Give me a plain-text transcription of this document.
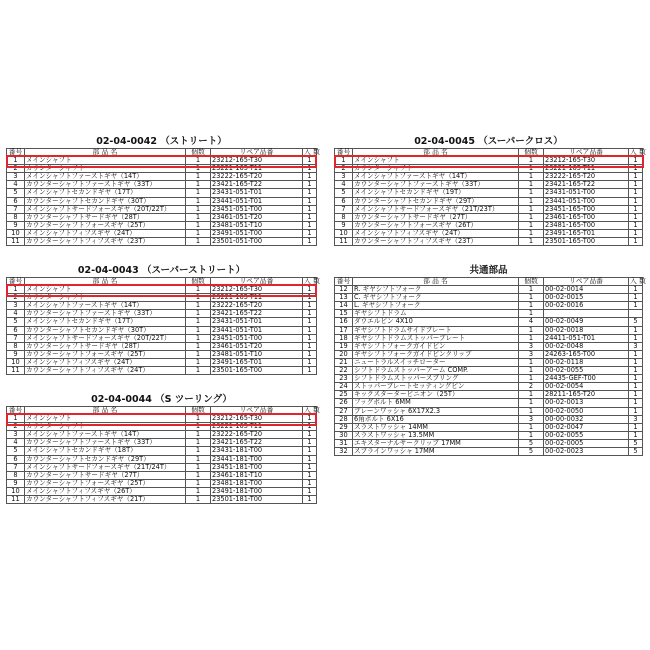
02-04-0042 （ストリート）
番号	部 品 名	個数	リペア品番	入 数
1	メインシャフト	1	23212-165-T30	1
2	カウンターシャフト	1	23221-165-T11	1
3	メインシャフトファーストギヤ（14T）	1	23222-165-T20	1
4	カウンターシャフトファーストギヤ（33T）	1	23421-165-T22	1
5	メインシャフトセカンドギヤ（17T）	1	23431-051-T01	1
6	カウンターシャフトセカンドギヤ（30T）	1	23441-051-T01	1
7	メインシャフトサードフォースギヤ（20T/22T）	1	23451-051-T00	1
8	カウンターシャフトサードギヤ（28T）	1	23461-051-T20	1
9	カウンターシャフトフォースギヤ（25T）	1	23481-051-T10	1
10	メインシャフトフィフスギヤ（24T）	1	23491-051-T00	1
11	カウンターシャフトフィフスギヤ（23T）	1	23501-051-T00	1
02-04-0043 （スーパーストリート）
番号	部 品 名	個数	リペア品番	入 数
1	メインシャフト	1	23212-165-T30	1
2	カウンターシャフト	1	23221-165-T11	1
3	メインシャフトファーストギヤ（14T）	1	23222-165-T20	1
4	カウンターシャフトファーストギヤ（33T）	1	23421-165-T22	1
5	メインシャフトセカンドギヤ（17T）	1	23431-051-T01	1
6	カウンターシャフトセカンドギヤ（30T）	1	23441-051-T01	1
7	メインシャフトサードフォースギヤ（20T/22T）	1	23451-051-T00	1
8	カウンターシャフトサードギヤ（28T）	1	23461-051-T20	1
9	カウンターシャフトフォースギヤ（25T）	1	23481-051-T10	1
10	メインシャフトフィフスギヤ（24T）	1	23491-165-T01	1
11	カウンターシャフトフィフスギヤ（24T）	1	23501-165-T00	1
02-04-0044 （S ツーリング）
番号	部 品 名	個数	リペア品番	入 数
1	メインシャフト	1	23212-165-T30	1
2	カウンターシャフト	1	23221-165-T11	1
3	メインシャフトファーストギヤ（14T）	1	23222-165-T20	1
4	カウンターシャフトファーストギヤ（33T）	1	23421-165-T22	1
5	メインシャフトセカンドギヤ（18T）	1	23431-181-T00	1
6	カウンターシャフトセカンドギヤ（29T）	1	23441-181-T00	1
7	メインシャフトサードフォースギヤ（21T/24T）	1	23451-181-T00	1
8	カウンターシャフトサードギヤ（27T）	1	23461-181-T10	1
9	カウンターシャフトフォースギヤ（25T）	1	23481-181-T00	1
10	メインシャフトフィフスギヤ（26T）	1	23491-181-T00	1
11	カウンターシャフトフィフスギヤ（21T）	1	23501-181-T00	1
02-04-0045 （スーパークロス）
番号	部 品 名	個数	リペア品番	入 数
1	メインシャフト	1	23212-165-T30	1
2	カウンターシャフト	1	23221-165-T11	1
3	メインシャフトファーストギヤ（14T）	1	23222-165-T20	1
4	カウンターシャフトファーストギヤ（33T）	1	23421-165-T22	1
5	メインシャフトセカンドギヤ（19T）	1	23431-051-T00	1
6	カウンターシャフトセカンドギヤ（29T）	1	23441-051-T00	1
7	メインシャフトサードフォースギヤ（21T/23T）	1	23451-165-T00	1
8	カウンターシャフトサードギヤ（27T）	1	23461-165-T00	1
9	カウンターシャフトフォースギヤ（26T）	1	23481-165-T00	1
10	メインシャフトフィフスギヤ（24T）	1	23491-165-T01	1
11	カウンターシャフトフィフスギヤ（23T）	1	23501-165-T00	1
共通部品
番号	部 品 名	個数	リペア品番	入 数
12	R. ギヤシフトフォーク	1	00-02-0014	1
13	C. ギヤシフトフォーク	1	00-02-0015	1
14	L. ギヤシフトフォーク	1	00-02-0016	1
15	ギヤシフトドラム	1		
16	ダウエルピン 4X10	4	00-02-0049	5
17	ギヤシフトドラムサイドプレート	1	00-02-0018	1
18	ギヤシフトドラムストッパープレート	1	24411-051-T01	1
19	ギヤシフトフォークガイドピン	3	00-02-0048	3
20	ギヤシフトフォークガイドピンクリップ	3	24263-165-T00	1
21	ニュートラルスイッチローター	1	00-02-0118	1
22	シフトドラムストッパーアーム COMP.	1	00-02-0055	1
23	シフトドラムストッパースプリング	1	24435-GEF-T00	1
24	ストッパープレートセッティングピン	2	00-02-0054	1
25	キックスターターピニオン（25T）	1	28211-165-T20	1
26	フッグボルト 6MM	1	00-02-0013	1
27	プレーンワッシャ 6X17X2.3	1	00-02-0050	1
28	6角ボルト 6X16	3	00-00-0032	3
29	スラストワッシャ 14MM	1	00-02-0047	1
30	スラストワッシャ 13.5MM	1	00-02-0055	1
31	エキスターナルサークリップ 17MM	5	00-02-0005	5
32	スプラインワッシャ 17MM	5	00-02-0023	5
